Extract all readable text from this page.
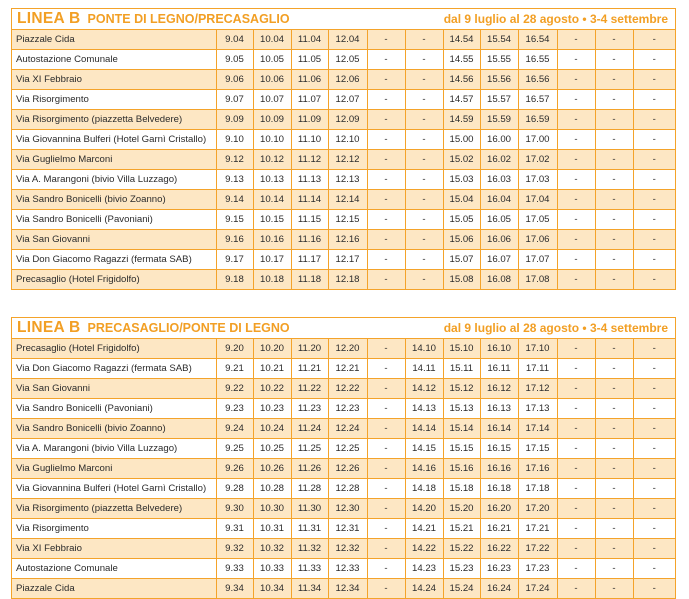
LINEA B PONTE DI LEGNO/PRECASAGLIO	dal 9 luglio al 28 agosto • 3-4 settembre
Piazzale Cida	9.04	10.04	11.04	12.04	-	-	14.54	15.54	16.54	-	-	-
Autostazione Comunale	9.05	10.05	11.05	12.05	-	-	14.55	15.55	16.55	-	-	-
Via XI Febbraio	9.06	10.06	11.06	12.06	-	-	14.56	15.56	16.56	-	-	-
Via Risorgimento	9.07	10.07	11.07	12.07	-	-	14.57	15.57	16.57	-	-	-
Via Risorgimento (piazzetta Belvedere)	9.09	10.09	11.09	12.09	-	-	14.59	15.59	16.59	-	-	-
Via Giovannina Bulferi (Hotel Garnì Cristallo)	9.10	10.10	11.10	12.10	-	-	15.00	16.00	17.00	-	-	-
Via Guglielmo Marconi	9.12	10.12	11.12	12.12	-	-	15.02	16.02	17.02	-	-	-
Via A. Marangoni (bivio Villa Luzzago)	9.13	10.13	11.13	12.13	-	-	15.03	16.03	17.03	-	-	-
Via Sandro Bonicelli (bivio Zoanno)	9.14	10.14	11.14	12.14	-	-	15.04	16.04	17.04	-	-	-
Via Sandro Bonicelli (Pavoniani)	9.15	10.15	11.15	12.15	-	-	15.05	16.05	17.05	-	-	-
Via San Giovanni	9.16	10.16	11.16	12.16	-	-	15.06	16.06	17.06	-	-	-
Via Don Giacomo Ragazzi (fermata SAB)	9.17	10.17	11.17	12.17	-	-	15.07	16.07	17.07	-	-	-
Precasaglio (Hotel Frigidolfo)	9.18	10.18	11.18	12.18	-	-	15.08	16.08	17.08	-	-	-
LINEA B PRECASAGLIO/PONTE DI LEGNO	dal 9 luglio al 28 agosto • 3-4 settembre
Precasaglio (Hotel Frigidolfo)	9.20	10.20	11.20	12.20	-	14.10	15.10	16.10	17.10	-	-	-
Via Don Giacomo Ragazzi (fermata SAB)	9.21	10.21	11.21	12.21	-	14.11	15.11	16.11	17.11	-	-	-
Via San Giovanni	9.22	10.22	11.22	12.22	-	14.12	15.12	16.12	17.12	-	-	-
Via Sandro Bonicelli (Pavoniani)	9.23	10.23	11.23	12.23	-	14.13	15.13	16.13	17.13	-	-	-
Via Sandro Bonicelli (bivio Zoanno)	9.24	10.24	11.24	12.24	-	14.14	15.14	16.14	17.14	-	-	-
Via A. Marangoni (bivio Villa Luzzago)	9.25	10.25	11.25	12.25	-	14.15	15.15	16.15	17.15	-	-	-
Via Guglielmo Marconi	9.26	10.26	11.26	12.26	-	14.16	15.16	16.16	17.16	-	-	-
Via Giovannina Bulferi (Hotel Garnì Cristallo)	9.28	10.28	11.28	12.28	-	14.18	15.18	16.18	17.18	-	-	-
Via Risorgimento (piazzetta Belvedere)	9.30	10.30	11.30	12.30	-	14.20	15.20	16.20	17.20	-	-	-
Via Risorgimento	9.31	10.31	11.31	12.31	-	14.21	15.21	16.21	17.21	-	-	-
Via XI Febbraio	9.32	10.32	11.32	12.32	-	14.22	15.22	16.22	17.22	-	-	-
Autostazione Comunale	9.33	10.33	11.33	12.33	-	14.23	15.23	16.23	17.23	-	-	-
Piazzale Cida	9.34	10.34	11.34	12.34	-	14.24	15.24	16.24	17.24	-	-	-
